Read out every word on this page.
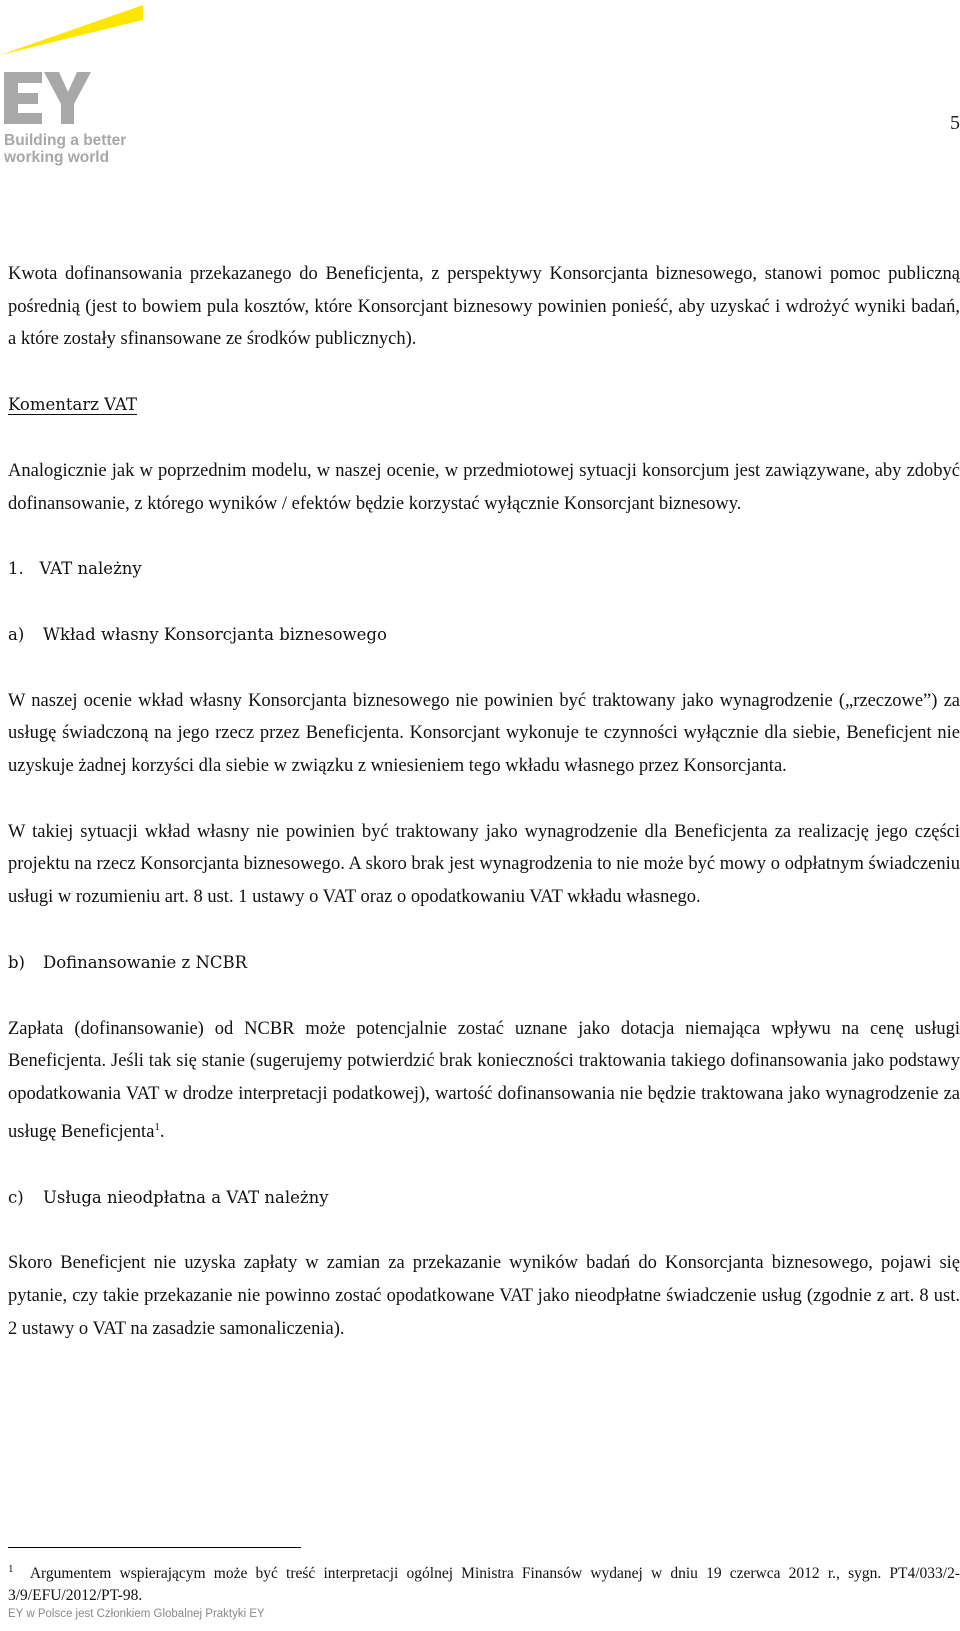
Building a better
working world
5

Kwota dofinansowania przekazanego do Beneficjenta, z perspektywy Konsorcjanta biznesowego, stanowi pomoc publiczną pośrednią (jest to bowiem pula kosztów, które Konsorcjant biznesowy powinien ponieść, aby uzyskać i wdrożyć wyniki badań, a które zostały sfinansowane ze środków publicznych).

Komentarz VAT

Analogicznie jak w poprzednim modelu, w naszej ocenie, w przedmiotowej sytuacji konsorcjum jest zawiązywane, aby zdobyć dofinansowanie, z którego wyników / efektów będzie korzystać wyłącznie Konsorcjant biznesowy.

1. VAT należny
a) Wkład własny Konsorcjanta biznesowego

W naszej ocenie wkład własny Konsorcjanta biznesowego nie powinien być traktowany jako wynagrodzenie („rzeczowe”) za usługę świadczoną na jego rzecz przez Beneficjenta. Konsorcjant wykonuje te czynności wyłącznie dla siebie, Beneficjent nie uzyskuje żadnej korzyści dla siebie w związku z wniesieniem tego wkładu własnego przez Konsorcjanta.

W takiej sytuacji wkład własny nie powinien być traktowany jako wynagrodzenie dla Beneficjenta za realizację jego części projektu na rzecz Konsorcjanta biznesowego. A skoro brak jest wynagrodzenia to nie może być mowy o odpłatnym świadczeniu usługi w rozumieniu art. 8 ust. 1 ustawy o VAT oraz o opodatkowaniu VAT wkładu własnego.

b) Dofinansowanie z NCBR

Zapłata (dofinansowanie) od NCBR może potencjalnie zostać uznane jako dotacja niemająca wpływu na cenę usługi Beneficjenta. Jeśli tak się stanie (sugerujemy potwierdzić brak konieczności traktowania takiego dofinansowania jako podstawy opodatkowania VAT w drodze interpretacji podatkowej), wartość dofinansowania nie będzie traktowana jako wynagrodzenie za usługę Beneficjenta$^1$.

c) Usługa nieodpłatna a VAT należny

Skoro Beneficjent nie uzyska zapłaty w zamian za przekazanie wyników badań do Konsorcjanta biznesowego, pojawi się pytanie, czy takie przekazanie nie powinno zostać opodatkowane VAT jako nieodpłatne świadczenie usług (zgodnie z art. 8 ust. 2 ustawy o VAT na zasadzie samonaliczenia).

$^1$ Argumentem wspierającym może być treść interpretacji ogólnej Ministra Finansów wydanej w dniu 19 czerwca 2012 r., sygn. PT4/033/2-3/9/EFU/2012/PT-98.
EY w Polsce jest Członkiem Globalnej Praktyki EY
